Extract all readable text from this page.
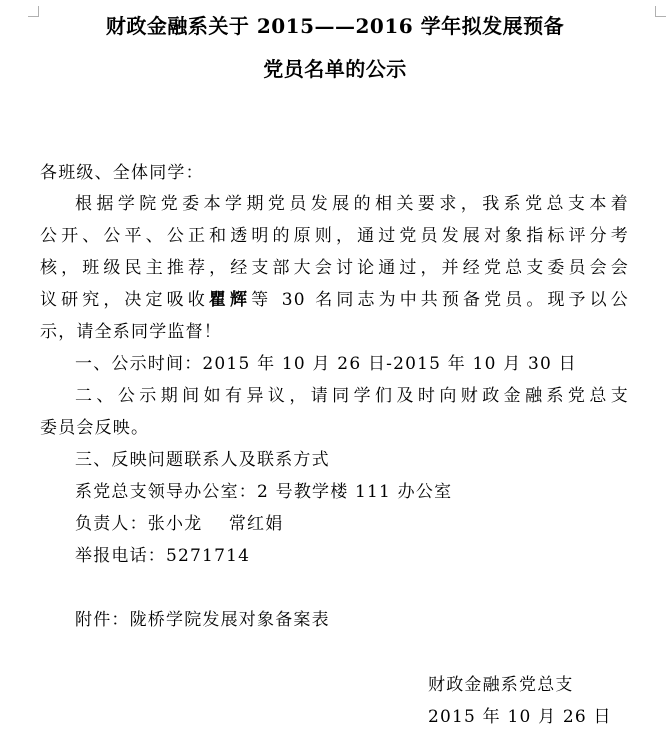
财政金融系关于 2015——2016 学年拟发展预备
党员名单的公示
各班级、全体同学：
根据学院党委本学期党员发展的相关要求，我系党总支本着
公开、公平、公正和透明的原则，通过党员发展对象指标评分考
核，班级民主推荐，经支部大会讨论通过，并经党总支委员会会
议研究，决定吸收瞿辉等 30 名同志为中共预备党员。现予以公
示，请全系同学监督！
一、公示时间：2015 年 10 月 26 日-2015 年 10 月 30 日
二、公示期间如有异议，请同学们及时向财政金融系党总支
委员会反映。
三、反映问题联系人及联系方式
系党总支领导办公室：2 号教学楼 111 办公室
负责人：张小龙    常红娟
举报电话：5271714
附件：陇桥学院发展对象备案表
财政金融系党总支
2015 年 10 月 26 日
